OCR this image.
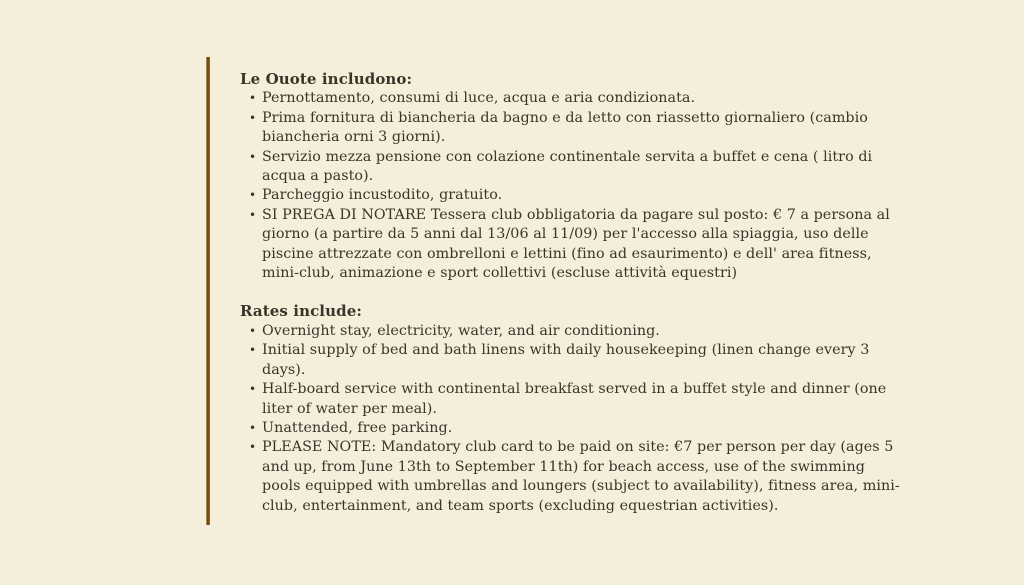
Le Ouote includono:
• Pernottamento, consumi di luce, acqua e aria condizionata.
• Prima fornitura di biancheria da bagno e da letto con riassetto giornaliero (cambio biancheria orni 3 giorni).
• Servizio mezza pensione con colazione continentale servita a buffet e cena ( litro di acqua a pasto).
• Parcheggio incustodito, gratuito.
• SI PREGA DI NOTARE Tessera club obbligatoria da pagare sul posto: € 7 a persona al giorno (a partire da 5 anni dal 13/06 al 11/09) per l'accesso alla spiaggia, uso delle piscine attrezzate con ombrelloni e lettini (fino ad esaurimento) e dell' area fitness, mini-club, animazione e sport collettivi (escluse attività equestri)
Rates include:
• Overnight stay, electricity, water, and air conditioning.
• Initial supply of bed and bath linens with daily housekeeping (linen change every 3 days).
• Half-board service with continental breakfast served in a buffet style and dinner (one liter of water per meal).
• Unattended, free parking.
• PLEASE NOTE: Mandatory club card to be paid on site: €7 per person per day (ages 5 and up, from June 13th to September 11th) for beach access, use of the swimming pools equipped with umbrellas and loungers (subject to availability), fitness area, mini-club, entertainment, and team sports (excluding equestrian activities).
